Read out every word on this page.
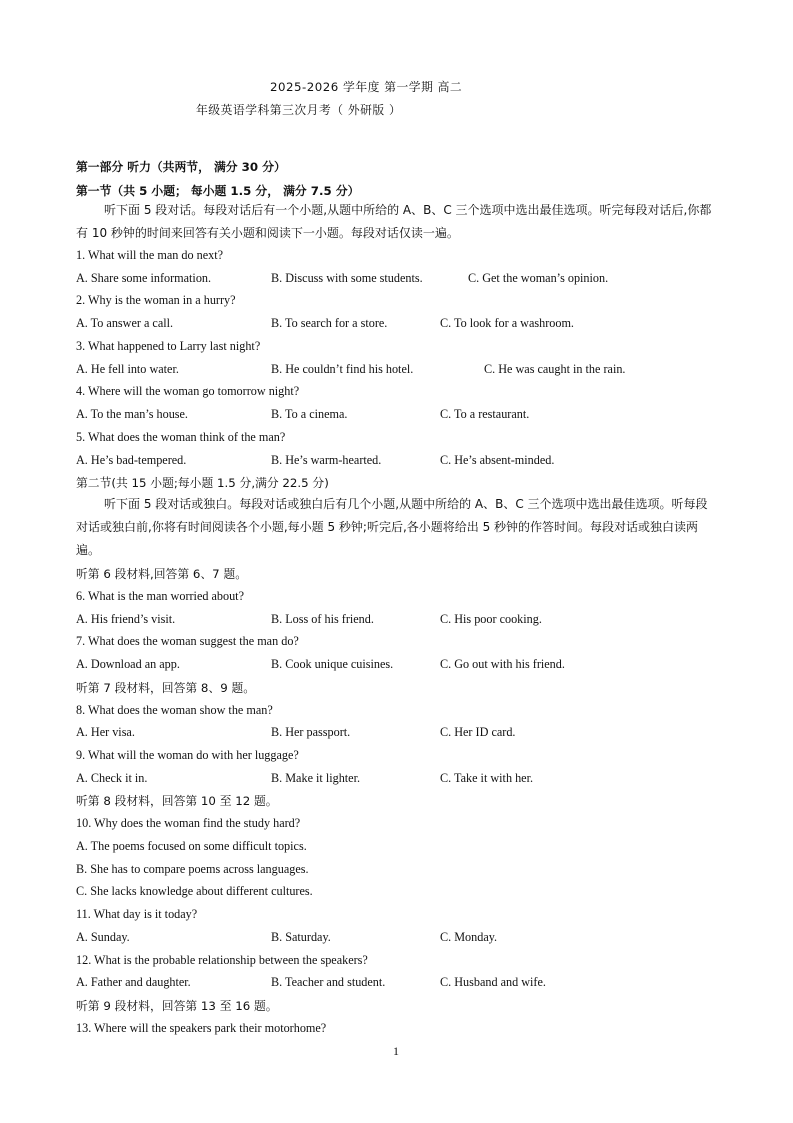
2025-2026 学年度 第一学期 高二
年级英语学科第三次月考（ 外研版 ）
第一部分 听力（共两节， 满分 30 分）
第一节（共 5 小题； 每小题 1.5 分， 满分 7.5 分）
听下面 5 段对话。每段对话后有一个小题,从题中所给的 A、B、C 三个选项中选出最佳选项。听完每段对话后,你都有 10 秒钟的时间来回答有关小题和阅读下一小题。每段对话仅读一遍。
1. What will the man do next?
A. Share some information.	B. Discuss with some students.	C. Get the woman’s opinion.
2. Why is the woman in a hurry?
A. To answer a call.	B. To search for a store.	C. To look for a washroom.
3. What happened to Larry last night?
A. He fell into water.	B. He couldn’t find his hotel.	C. He was caught in the rain.
4. Where will the woman go tomorrow night?
A. To the man’s house.	B. To a cinema.	C. To a restaurant.
5. What does the woman think of the man?
A. He’s bad-tempered.	B. He’s warm-hearted.	C. He’s absent-minded.
第二节(共 15 小题;每小题 1.5 分,满分 22.5 分)
听下面 5 段对话或独白。每段对话或独白后有几个小题,从题中所给的 A、B、C 三个选项中选出最佳选项。听每段对话或独白前,你将有时间阅读各个小题,每小题 5 秒钟;听完后,各小题将给出 5 秒钟的作答时间。每段对话或独白读两遍。
听第 6 段材料,回答第 6、7 题。
6. What is the man worried about?
A. His friend’s visit.	B. Loss of his friend.	C. His poor cooking.
7. What does the woman suggest the man do?
A. Download an app.	B. Cook unique cuisines.	C. Go out with his friend.
听第 7 段材料，回答第 8、9 题。
8. What does the woman show the man?
A. Her visa.	B. Her passport.	C. Her ID card.
9. What will the woman do with her luggage?
A. Check it in.	B. Make it lighter.	C. Take it with her.
听第 8 段材料，回答第 10 至 12 题。
10. Why does the woman find the study hard?
A. The poems focused on some difficult topics.
B. She has to compare poems across languages.
C. She lacks knowledge about different cultures.
11. What day is it today?
A. Sunday.	B. Saturday.	C. Monday.
12. What is the probable relationship between the speakers?
A. Father and daughter.	B. Teacher and student.	C. Husband and wife.
听第 9 段材料，回答第 13 至 16 题。
13. Where will the speakers park their motorhome?
1
